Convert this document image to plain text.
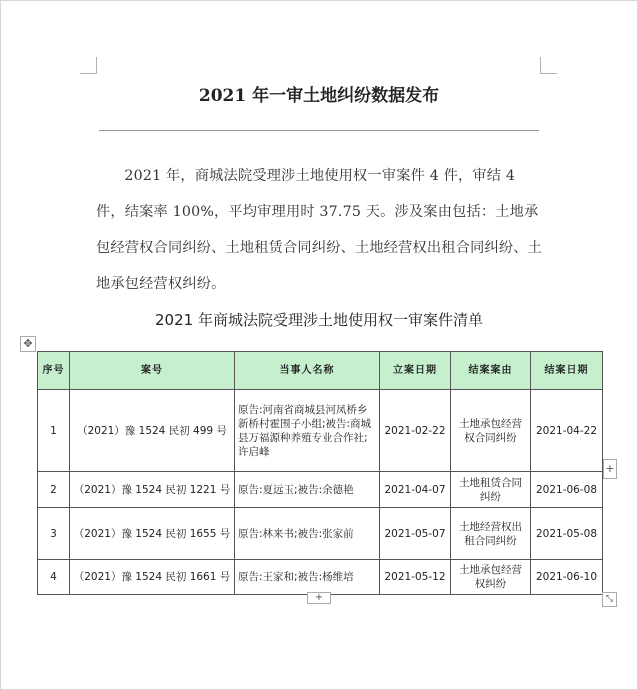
2021 年一审土地纠纷数据发布
2021 年，商城法院受理涉土地使用权一审案件 4 件，审结 4 件，结案率 100%，平均审理用时 37.75 天。涉及案由包括：土地承包经营权合同纠纷、土地租赁合同纠纷、土地经营权出租合同纠纷、土地承包经营权纠纷。
2021 年商城法院受理涉土地使用权一审案件清单
✥
序号	案号	当事人名称	立案日期	结案案由	结案日期
1	（2021）豫 1524 民初 499 号	原告:河南省商城县河凤桥乡新桥村霍围子小组;被告:商城县万福源种养殖专业合作社;许启峰	2021-02-22	土地承包经营权合同纠纷	2021-04-22
2	（2021）豫 1524 民初 1221 号	原告:夏远玉;被告:余德艳	2021-04-07	土地租赁合同纠纷	2021-06-08
3	（2021）豫 1524 民初 1655 号	原告:林来书;被告:张家前	2021-05-07	土地经营权出租合同纠纷	2021-05-08
4	（2021）豫 1524 民初 1661 号	原告:王家和;被告:杨维培	2021-05-12	土地承包经营权纠纷	2021-06-10
+
+	⤡
